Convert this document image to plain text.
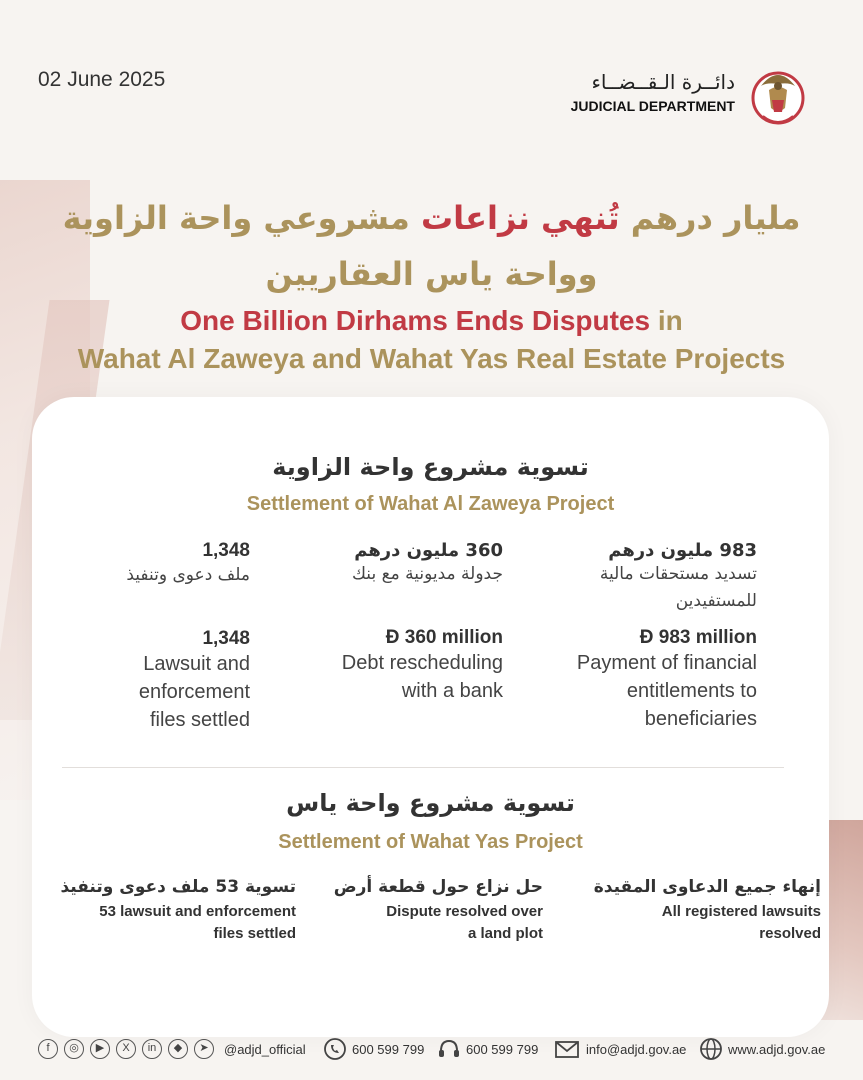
02 June 2025	دائــرة الـقــضــاء
JUDICIAL DEPARTMENT
مليار درهم تُنهي نزاعات مشروعي واحة الزاوية
وواحة ياس العقاريين
One Billion Dirhams Ends Disputes in
Wahat Al Zaweya and Wahat Yas Real Estate Projects
تسوية مشروع واحة الزاوية
Settlement of Wahat Al Zaweya Project
983 مليون درهم
تسديد مستحقات مالية
للمستفيدين
Đ 983 million
Payment of financial
entitlements to
beneficiaries
360 مليون درهم
جدولة مديونية مع بنك
Đ 360 million
Debt rescheduling
with a bank
1,348
ملف دعوى وتنفيذ
1,348
Lawsuit and
enforcement
files settled
تسوية مشروع واحة ياس
Settlement of Wahat Yas Project
إنهاء جميع الدعاوى المقيدة
All registered lawsuits
resolved
حل نزاع حول قطعة أرض
Dispute resolved over
a land plot
تسوية 53 ملف دعوى وتنفيذ
53 lawsuit and enforcement
files settled
f	◎	▶	X	in	◆	➤	@adjd_official	600 599 799	600 599 799	info@adjd.gov.ae	www.adjd.gov.ae
